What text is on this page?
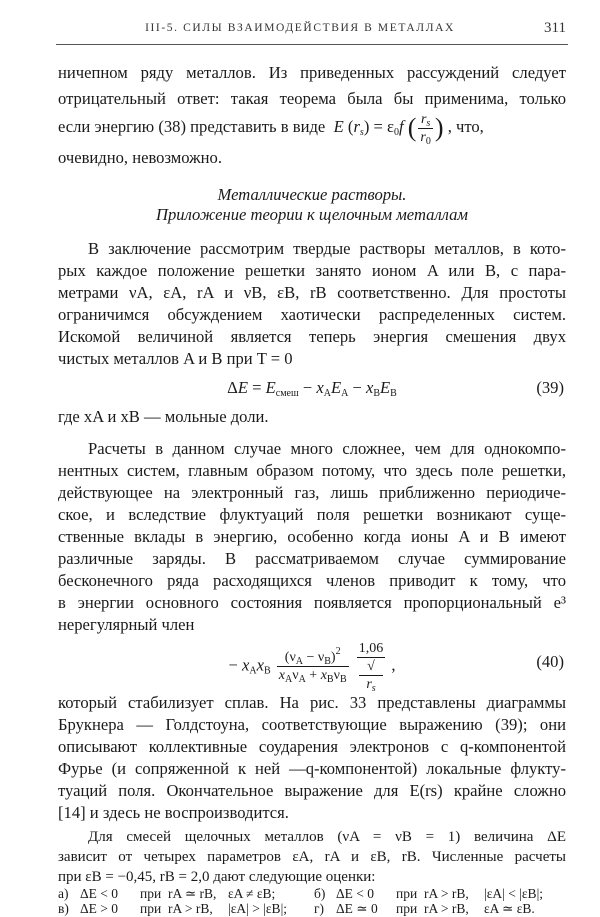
III-5. СИЛЫ ВЗАИМОДЕЙСТВИЯ В МЕТАЛЛАХ	311
ничепном ряду металлов. Из приведенных рассуждений следует
отрицательный ответ: такая теорема была бы применима, только
если энергию (38) представить в виде E $(r_s) = \varepsilon_0f$ ( $\frac{r_s}{r_0}$ ) , что,
очевидно, невозможно.
Металлические растворы.
Приложение теории к щелочным металлам
В заключение рассмотрим твердые растворы металлов, в кото-
рых каждое положение решетки занято ионом A или B, с пара-
метрами νA, εA, rA и νB, εB, rB соответственно. Для простоты
ограничимся обсуждением хаотически распределенных систем.
Искомой величиной является теперь энергия смешения двух
чистых металлов A и B при T = 0
$\Delta E = E_{смеш} - x_AE_A - x_BE_B$	(39)
где xA и xB — мольные доли.
Расчеты в данном случае много сложнее, чем для однокомпо-
нентных систем, главным образом потому, что здесь поле решетки,
действующее на электронный газ, лишь приближенно периодиче-
ское, и вследствие флуктуаций поля решетки возникают суще-
ственные вклады в энергию, особенно когда ионы A и B имеют
различные заряды. В рассматриваемом случае суммирование
бесконечного ряда расходящихся членов приводит к тому, что
в энергии основного состояния появляется пропорциональный e³
нерегулярный член
− $x_Ax_B \frac{(\nu_A - \nu_B)^2}{x_A\nu_A + x_B\nu_B}$
1,06
√
$r_s$ ,	(40)
который стабилизует сплав. На рис. 33 представлены диаграммы
Брукнера — Голдстоуна, соответствующие выражению (39); они
описывают коллективные соударения электронов с q-компонентой
Фурье (и сопряженной к ней —q-компонентой) локальные флукту-
туаций поля. Окончательное выражение для E(rs) крайне сложно
[14] и здесь не воспроизводится.
Для смесей щелочных металлов (νA = νB = 1) величина ΔE
зависит от четырех параметров εA, rA и εB, rB. Численные расчеты
при εB = −0,45, rB = 2,0 дают следующие оценки:
а) ΔE < 0 при rA ≃ rB, εA ≠ εB;	б) ΔE < 0 при rA > rB, |εA| < |εB|;
в) ΔE > 0 при rA > rB, |εA| > |εB|; г) ΔE ≃ 0 при rA > rB, εA ≃ εB.
